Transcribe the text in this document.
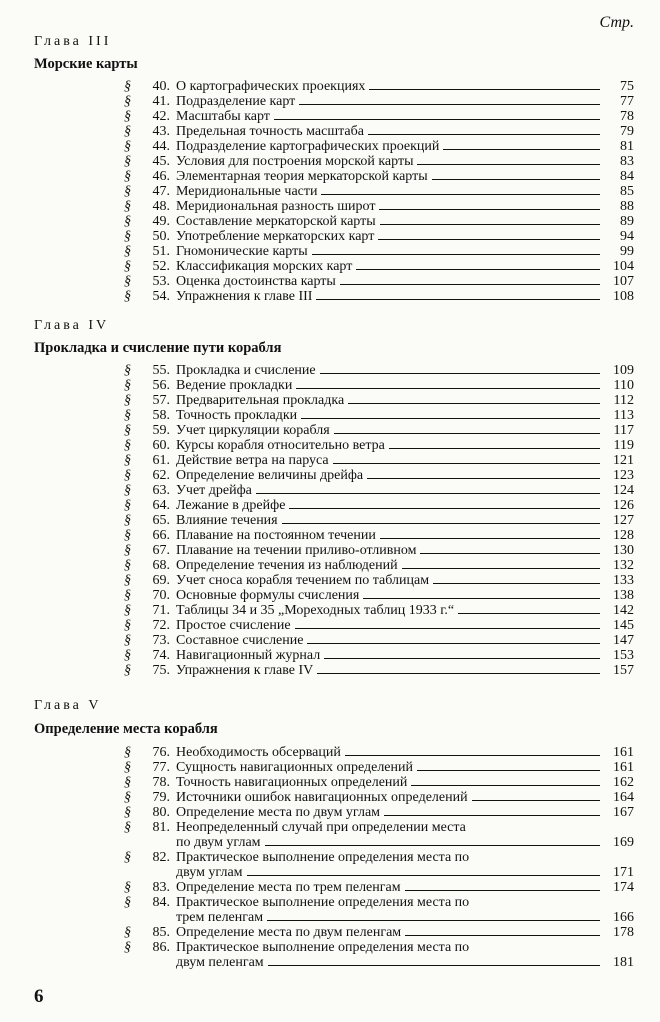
Стр.
Глава III
Морские карты
§	40. О картографических проекциях	75
§	41. Подразделение карт	77
§	42. Масштабы карт	78
§	43. Предельная точность масштаба	79
§	44. Подразделение картографических проекций	81
§	45. Условия для построения морской карты	83
§	46. Элементарная теория меркаторской карты	84
§	47. Меридиональные части	85
§	48. Меридиональная разность широт	88
§	49. Составление меркаторской карты	89
§	50. Употребление меркаторских карт	94
§	51. Гномонические карты	99
§	52. Классификация морских карт	104
§	53. Оценка достоинства карты	107
§	54. Упражнения к главе III	108
Глава IV
Прокладка и счисление пути корабля
§	55. Прокладка и счисление	109
§	56. Ведение прокладки	110
§	57. Предварительная прокладка	112
§	58. Точность прокладки	113
§	59. Учет циркуляции корабля	117
§	60. Курсы корабля относительно ветра	119
§	61. Действие ветра на паруса	121
§	62. Определение величины дрейфа	123
§	63. Учет дрейфа	124
§	64. Лежание в дрейфе	126
§	65. Влияние течения	127
§	66. Плавание на постоянном течении	128
§	67. Плавание на течении приливо-отливном	130
§	68. Определение течения из наблюдений	132
§	69. Учет сноса корабля течением по таблицам	133
§	70. Основные формулы счисления	138
§	71. Таблицы 34 и 35 „Мореходных таблиц 1933 г.“	142
§	72. Простое счисление	145
§	73. Составное счисление	147
§	74. Навигационный журнал	153
§	75. Упражнения к главе IV	157
Глава V
Определение места корабля
§	76. Необходимость обсерваций	161
§	77. Сущность навигационных определений	161
§	78. Точность навигационных определений	162
§	79. Источники ошибок навигационных определений	164
§	80. Определение места по двум углам	167
§	81. Неопределенный случай при определении места
по двум углам	169
§	82. Практическое выполнение определения места по
двум углам	171
§	83. Определение места по трем пеленгам	174
§	84. Практическое выполнение определения места по
трем пеленгам	166
§	85. Определение места по двум пеленгам	178
§	86. Практическое выполнение определения места по
двум пеленгам	181
6
